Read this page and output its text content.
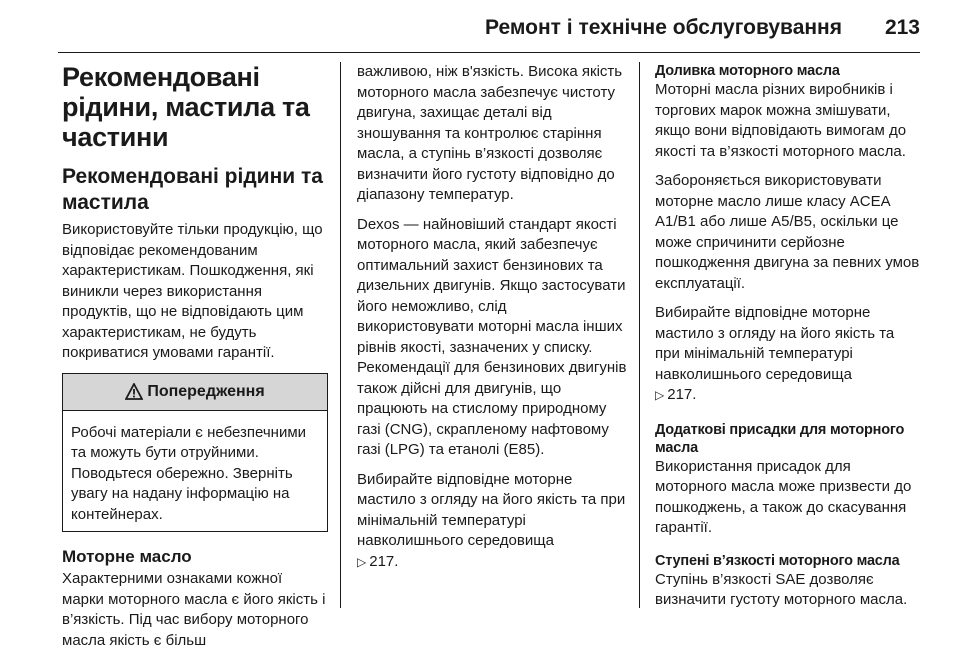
Ремонт і технічне обслуговування 213
Рекомендовані рідини, мастила та частини
Рекомендовані рідини та мастила

Використовуйте тільки продукцію, що відповідає рекомендованим характеристикам. Пошкодження, які виникли через використання продуктів, що не відповідають цим характеристикам, не будуть покриватися умовами гарантії.

Попередження

Робочі матеріали є небезпечними та можуть бути отруйними. Поводьтеся обережно. Зверніть увагу на надану інформацію на контейнерах.

Моторне масло

Характерними ознаками кожної марки моторного масла є його якість і в’язкість. Під час вибору моторного масла якість є більш

важливою, ніж в'язкість. Висока якість моторного масла забезпечує чистоту двигуна, захищає деталі від зношування та контролює старіння масла, а ступінь в’язкості дозволяє визначити його густоту відповідно до діапазону температур.

Dexos — найновіший стандарт якості моторного масла, який забезпечує оптимальний захист бензинових та дизельних двигунів. Якщо застосувати його неможливо, слід використовувати моторні масла інших рівнів якості, зазначених у списку. Рекомендації для бензинових двигунів також дійсні для двигунів, що працюють на стислому природному газі (CNG), скрапленому нафтовому газі (LPG) та етанолі (E85).

Вибирайте відповідне моторне мастило з огляду на його якість та при мінімальній температурі навколишнього середовища
▷ 217.

Доливка моторного масла

Моторні масла різних виробників і торгових марок можна змішувати, якщо вони відповідають вимогам до якості та в’язкості моторного масла.

Забороняється використовувати моторне масло лише класу ACEA A1/B1 або лише A5/B5, оскільки це може спричинити серйозне пошкодження двигуна за певних умов експлуатації.

Вибирайте відповідне моторне мастило з огляду на його якість та при мінімальній температурі навколишнього середовища
▷ 217.

Додаткові присадки для моторного масла

Використання присадок для моторного масла може призвести до пошкоджень, а також до скасування гарантії.

Ступені в’язкості моторного масла

Ступінь в’язкості SAE дозволяє визначити густоту моторного масла.
